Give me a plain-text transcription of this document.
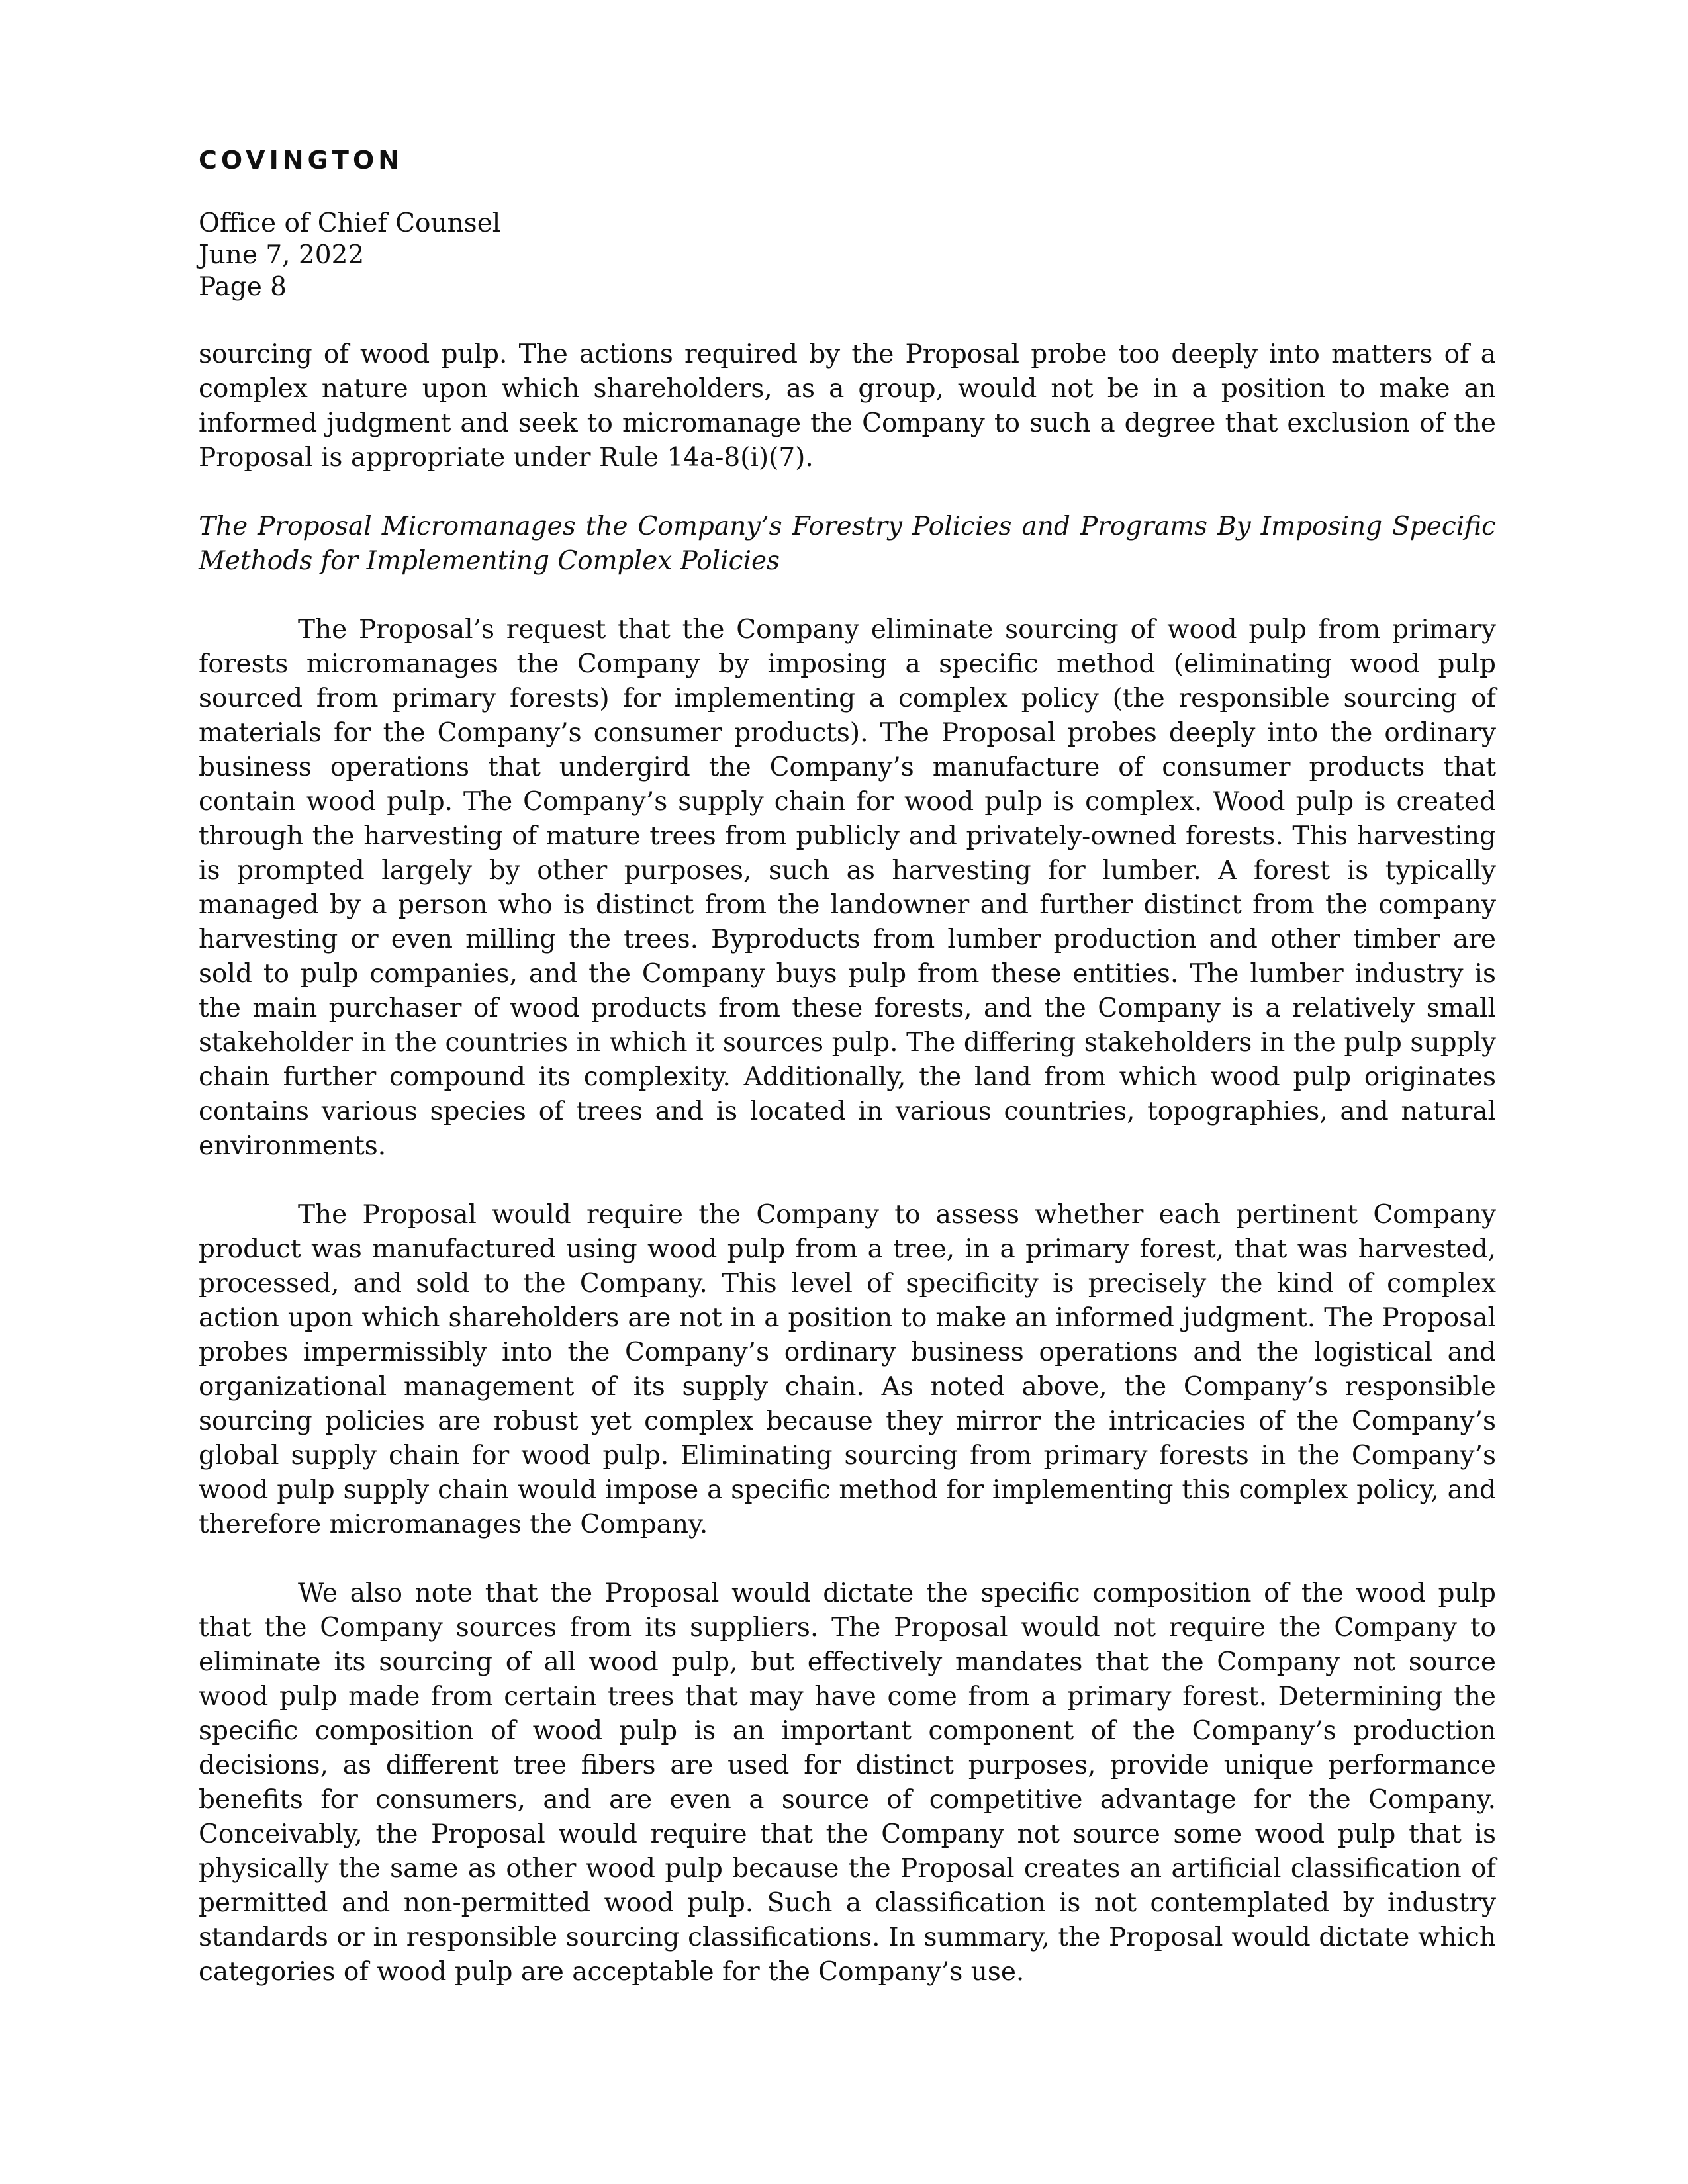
COVINGTON
Office of Chief Counsel
June 7, 2022
Page 8

sourcing of wood pulp. The actions required by the Proposal probe too deeply into matters of a complex nature upon which shareholders, as a group, would not be in a position to make an informed judgment and seek to micromanage the Company to such a degree that exclusion of the Proposal is appropriate under Rule 14a-8(i)(7).

The Proposal Micromanages the Company’s Forestry Policies and Programs By Imposing Specific Methods for Implementing Complex Policies

The Proposal’s request that the Company eliminate sourcing of wood pulp from primary forests micromanages the Company by imposing a specific method (eliminating wood pulp sourced from primary forests) for implementing a complex policy (the responsible sourcing of materials for the Company’s consumer products). The Proposal probes deeply into the ordinary business operations that undergird the Company’s manufacture of consumer products that contain wood pulp. The Company’s supply chain for wood pulp is complex. Wood pulp is created through the harvesting of mature trees from publicly and privately-owned forests. This harvesting is prompted largely by other purposes, such as harvesting for lumber. A forest is typically managed by a person who is distinct from the landowner and further distinct from the company harvesting or even milling the trees. Byproducts from lumber production and other timber are sold to pulp companies, and the Company buys pulp from these entities. The lumber industry is the main purchaser of wood products from these forests, and the Company is a relatively small stakeholder in the countries in which it sources pulp. The differing stakeholders in the pulp supply chain further compound its complexity. Additionally, the land from which wood pulp originates contains various species of trees and is located in various countries, topographies, and natural environments.

The Proposal would require the Company to assess whether each pertinent Company product was manufactured using wood pulp from a tree, in a primary forest, that was harvested, processed, and sold to the Company. This level of specificity is precisely the kind of complex action upon which shareholders are not in a position to make an informed judgment. The Proposal probes impermissibly into the Company’s ordinary business operations and the logistical and organizational management of its supply chain. As noted above, the Company’s responsible sourcing policies are robust yet complex because they mirror the intricacies of the Company’s global supply chain for wood pulp. Eliminating sourcing from primary forests in the Company’s wood pulp supply chain would impose a specific method for implementing this complex policy, and therefore micromanages the Company.

We also note that the Proposal would dictate the specific composition of the wood pulp that the Company sources from its suppliers. The Proposal would not require the Company to eliminate its sourcing of all wood pulp, but effectively mandates that the Company not source wood pulp made from certain trees that may have come from a primary forest. Determining the specific composition of wood pulp is an important component of the Company’s production decisions, as different tree fibers are used for distinct purposes, provide unique performance benefits for consumers, and are even a source of competitive advantage for the Company. Conceivably, the Proposal would require that the Company not source some wood pulp that is physically the same as other wood pulp because the Proposal creates an artificial classification of permitted and non-permitted wood pulp. Such a classification is not contemplated by industry standards or in responsible sourcing classifications. In summary, the Proposal would dictate which categories of wood pulp are acceptable for the Company’s use.
